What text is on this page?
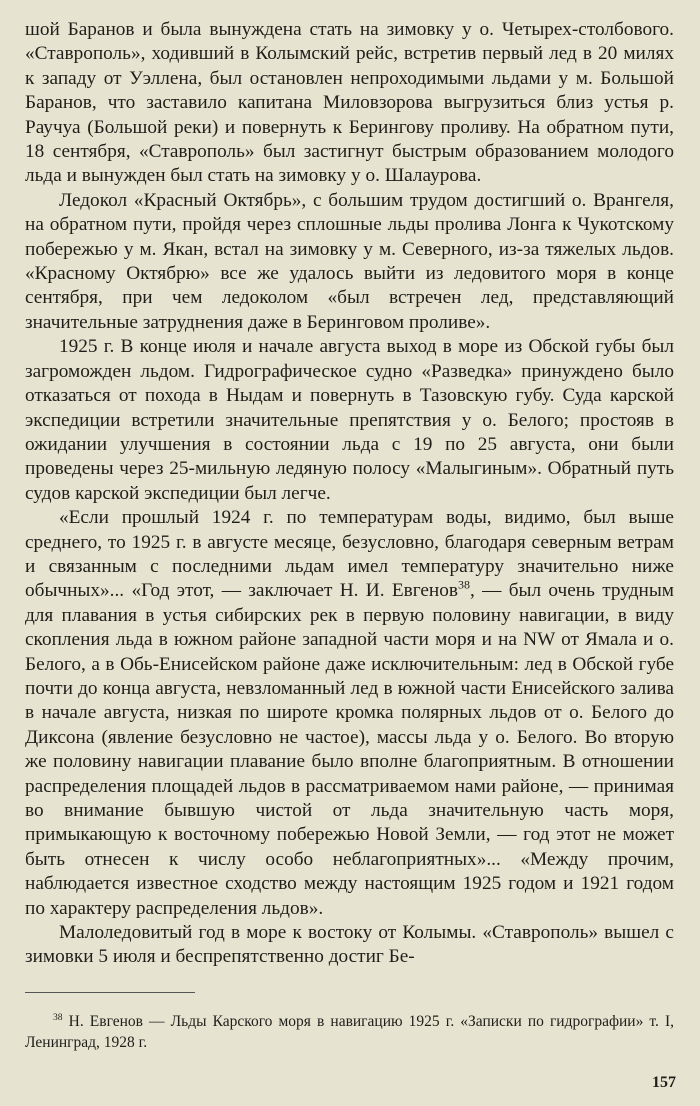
шой Баранов и была вынуждена стать на зимовку у о. Четырех-столбового. «Ставрополь», ходивший в Колымский рейс, встретив первый лед в 20 милях к западу от Уэллена, был остановлен непроходимыми льдами у м. Большой Баранов, что заставило капитана Миловзорова выгрузиться близ устья р. Раучуа (Большой реки) и повернуть к Берингову проливу. На обратном пути, 18 сентября, «Ставрополь» был застигнут быстрым образованием молодого льда и вынужден был стать на зимовку у о. Шалаурова.

Ледокол «Красный Октябрь», с большим трудом достигший о. Врангеля, на обратном пути, пройдя через сплошные льды пролива Лонга к Чукотскому побережью у м. Якан, встал на зимовку у м. Северного, из-за тяжелых льдов. «Красному Октябрю» все же удалось выйти из ледовитого моря в конце сентября, при чем ледоколом «был встречен лед, представляющий значительные затруднения даже в Беринговом проливе».

1925 г. В конце июля и начале августа выход в море из Обской губы был загроможден льдом. Гидрографическое судно «Разведка» принуждено было отказаться от похода в Ныдам и повернуть в Тазовскую губу. Суда карской экспедиции встретили значительные препятствия у о. Белого; простояв в ожидании улучшения в состоянии льда с 19 по 25 августа, они были проведены через 25-мильную ледяную полосу «Малыгиным». Обратный путь судов карской экспедиции был легче.

«Если прошлый 1924 г. по температурам воды, видимо, был выше среднего, то 1925 г. в августе месяце, безусловно, благодаря северным ветрам и связанным с последними льдам имел температуру значительно ниже обычных»... «Год этот, — заключает Н. И. Евгенов$^{38}$, — был очень трудным для плавания в устья сибирских рек в первую половину навигации, в виду скопления льда в южном районе западной части моря и на NW от Ямала и о. Белого, а в Обь-Енисейском районе даже исключительным: лед в Обской губе почти до конца августа, невзломанный лед в южной части Енисейского залива в начале августа, низкая по широте кромка полярных льдов от о. Белого до Диксона (явление безусловно не частое), массы льда у о. Белого. Во вторую же половину навигации плавание было вполне благоприятным. В отношении распределения площадей льдов в рассматриваемом нами районе, — принимая во внимание бывшую чистой от льда значительную часть моря, примыкающую к восточному побережью Новой Земли, — год этот не может быть отнесен к числу особо неблагоприятных»... «Между прочим, наблюдается известное сходство между настоящим 1925 годом и 1921 годом по характеру распределения льдов».

Малоледовитый год в море к востоку от Колымы. «Ставрополь» вышел с зимовки 5 июля и беспрепятственно достиг Бе-

$^{38}$ Н. Евгенов — Льды Карского моря в навигацию 1925 г. «Записки по гидрографии» т. I, Ленинград, 1928 г.

157
